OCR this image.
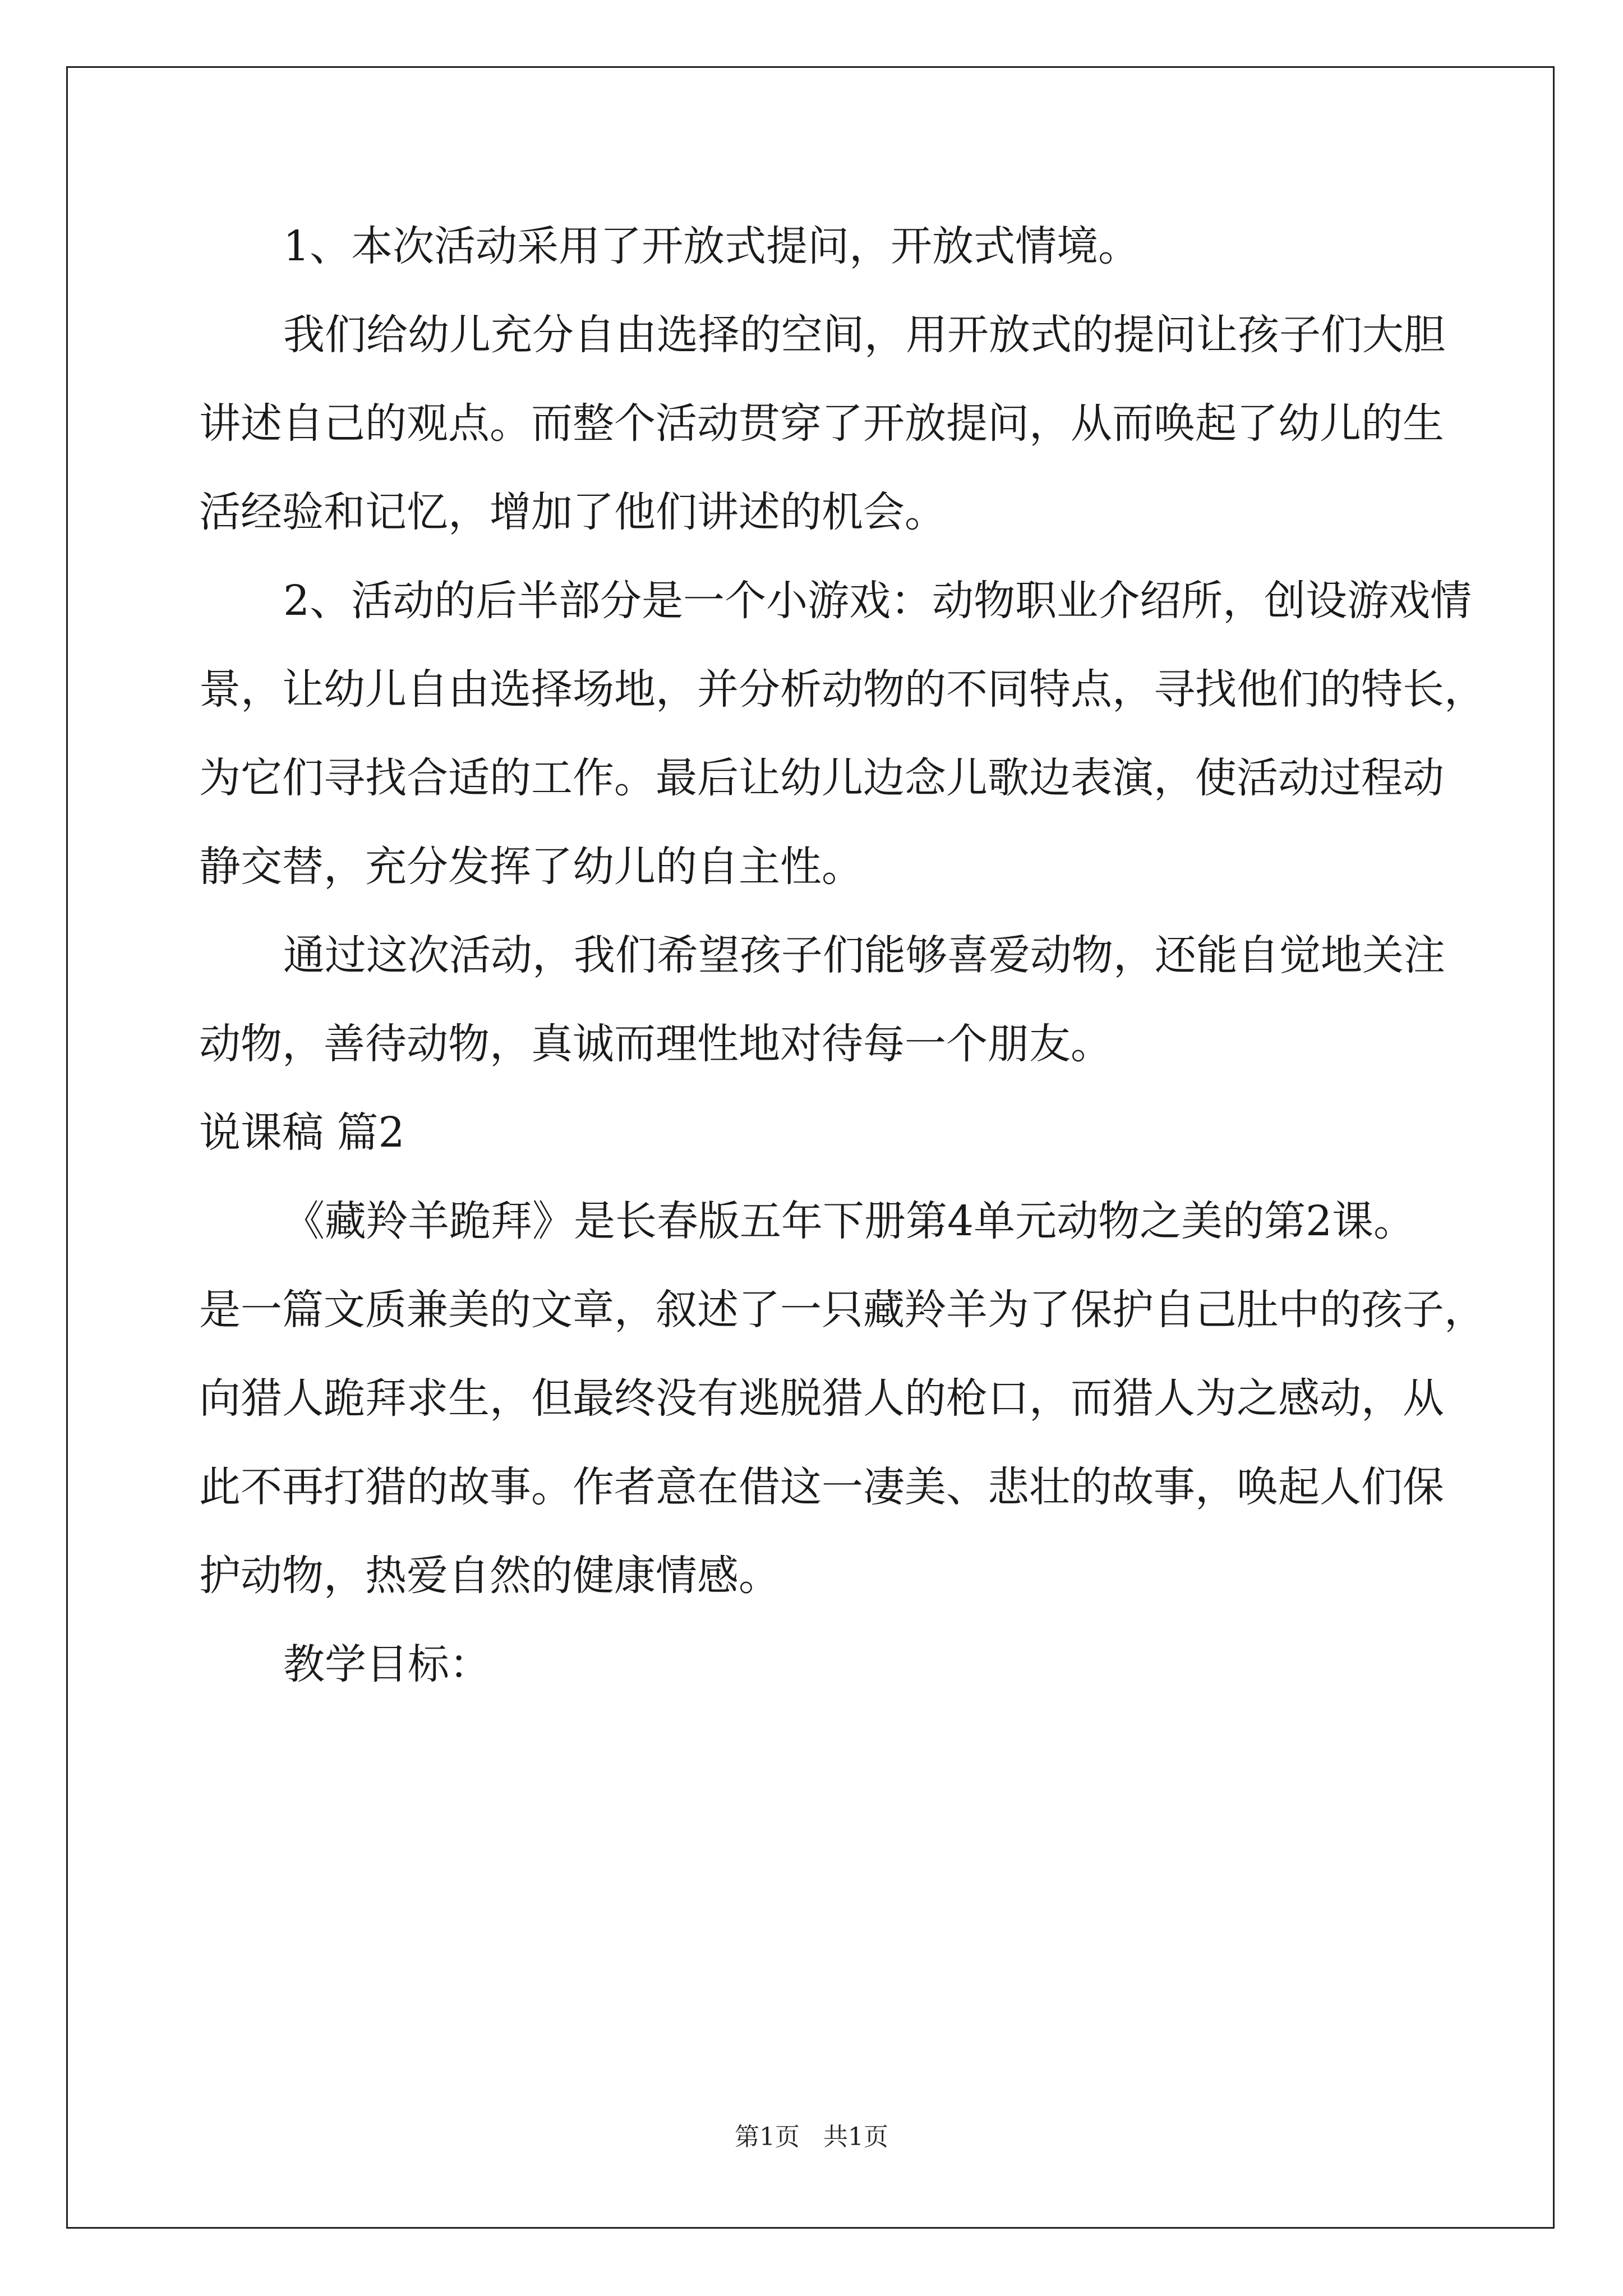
1、本次活动采用了开放式提问，开放式情境。
我们给幼儿充分自由选择的空间，用开放式的提问让孩子们大胆
讲述自己的观点。而整个活动贯穿了开放提问，从而唤起了幼儿的生
活经验和记忆，增加了他们讲述的机会。
2、活动的后半部分是一个小游戏：动物职业介绍所，创设游戏情
景，让幼儿自由选择场地，并分析动物的不同特点，寻找他们的特长，
为它们寻找合适的工作。最后让幼儿边念儿歌边表演，使活动过程动
静交替，充分发挥了幼儿的自主性。
通过这次活动，我们希望孩子们能够喜爱动物，还能自觉地关注
动物，善待动物，真诚而理性地对待每一个朋友。
说课稿 篇2
《藏羚羊跪拜》是长春版五年下册第4单元动物之美的第2课。
是一篇文质兼美的文章，叙述了一只藏羚羊为了保护自己肚中的孩子，
向猎人跪拜求生，但最终没有逃脱猎人的枪口，而猎人为之感动，从
此不再打猎的故事。作者意在借这一凄美、悲壮的故事，唤起人们保
护动物，热爱自然的健康情感。
教学目标：
第1页 共1页
